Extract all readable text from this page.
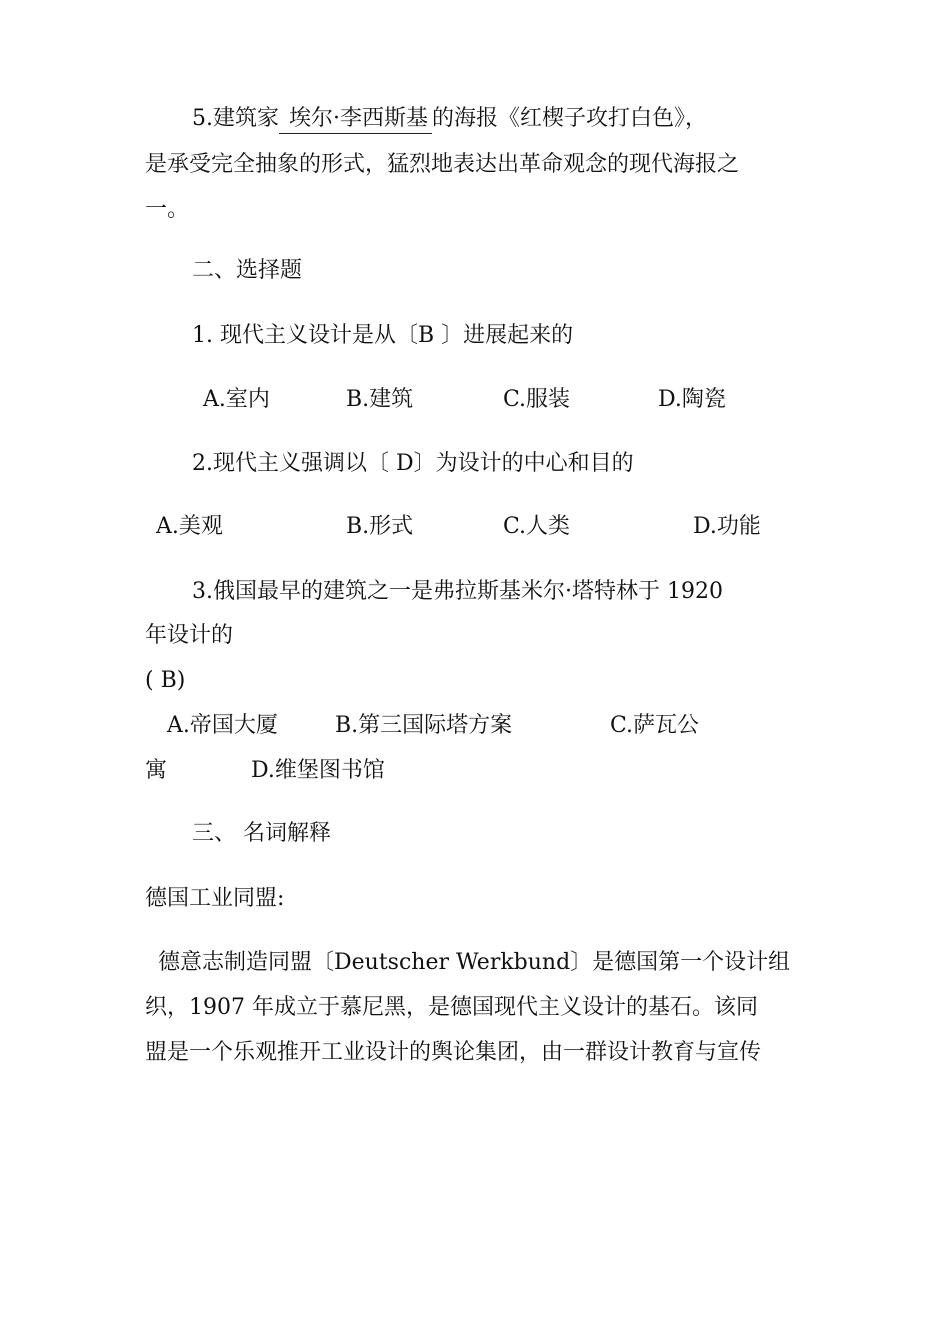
5.建筑家 埃尔·李西斯基 的海报《红楔子攻打白色》，
是承受完全抽象的形式，猛烈地表达出革命观念的现代海报之
一。
二、选择题
1. 现代主义设计是从〔B 〕进展起来的
A.室内	B.建筑	C.服装	D.陶瓷
2.现代主义强调以〔 D〕为设计的中心和目的
A.美观	B.形式	C.人类	D.功能
3.俄国最早的建筑之一是弗拉斯基米尔·塔特林于 1920
年设计的
( B)
A.帝国大厦	B.第三国际塔方案	C.萨瓦公
寓	D.维堡图书馆
三、 名词解释
德国工业同盟:
德意志制造同盟〔Deutscher Werkbund〕是德国第一个设计组
织，1907 年成立于慕尼黑，是德国现代主义设计的基石。该同
盟是一个乐观推开工业设计的舆论集团，由一群设计教育与宣传
